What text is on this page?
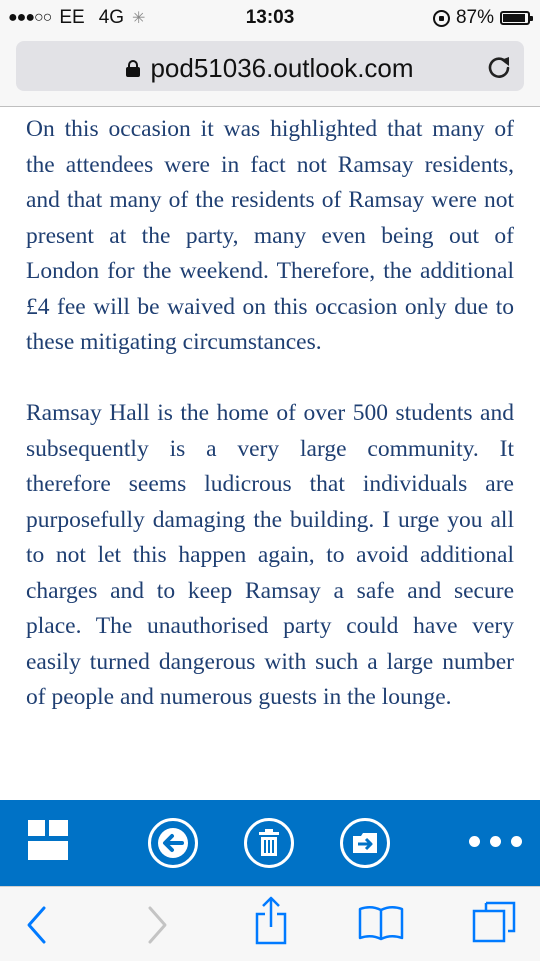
●●●○○ EE 4G ✳	13:03	87%
pod51036.outlook.com

On this occasion it was highlighted that many of the attendees were in fact not Ramsay residents, and that many of the residents of Ramsay were not present at the party, many even being out of London for the weekend. Therefore, the additional £4 fee will be waived on this occasion only due to these mitigating circumstances.

Ramsay Hall is the home of over 500 students and subsequently is a very large community. It therefore seems ludicrous that individuals are purposefully damaging the building. I urge you all to not let this happen again, to avoid additional charges and to keep Ramsay a safe and secure place. The unauthorised party could have very easily turned dangerous with such a large number of people and numerous guests in the lounge.
